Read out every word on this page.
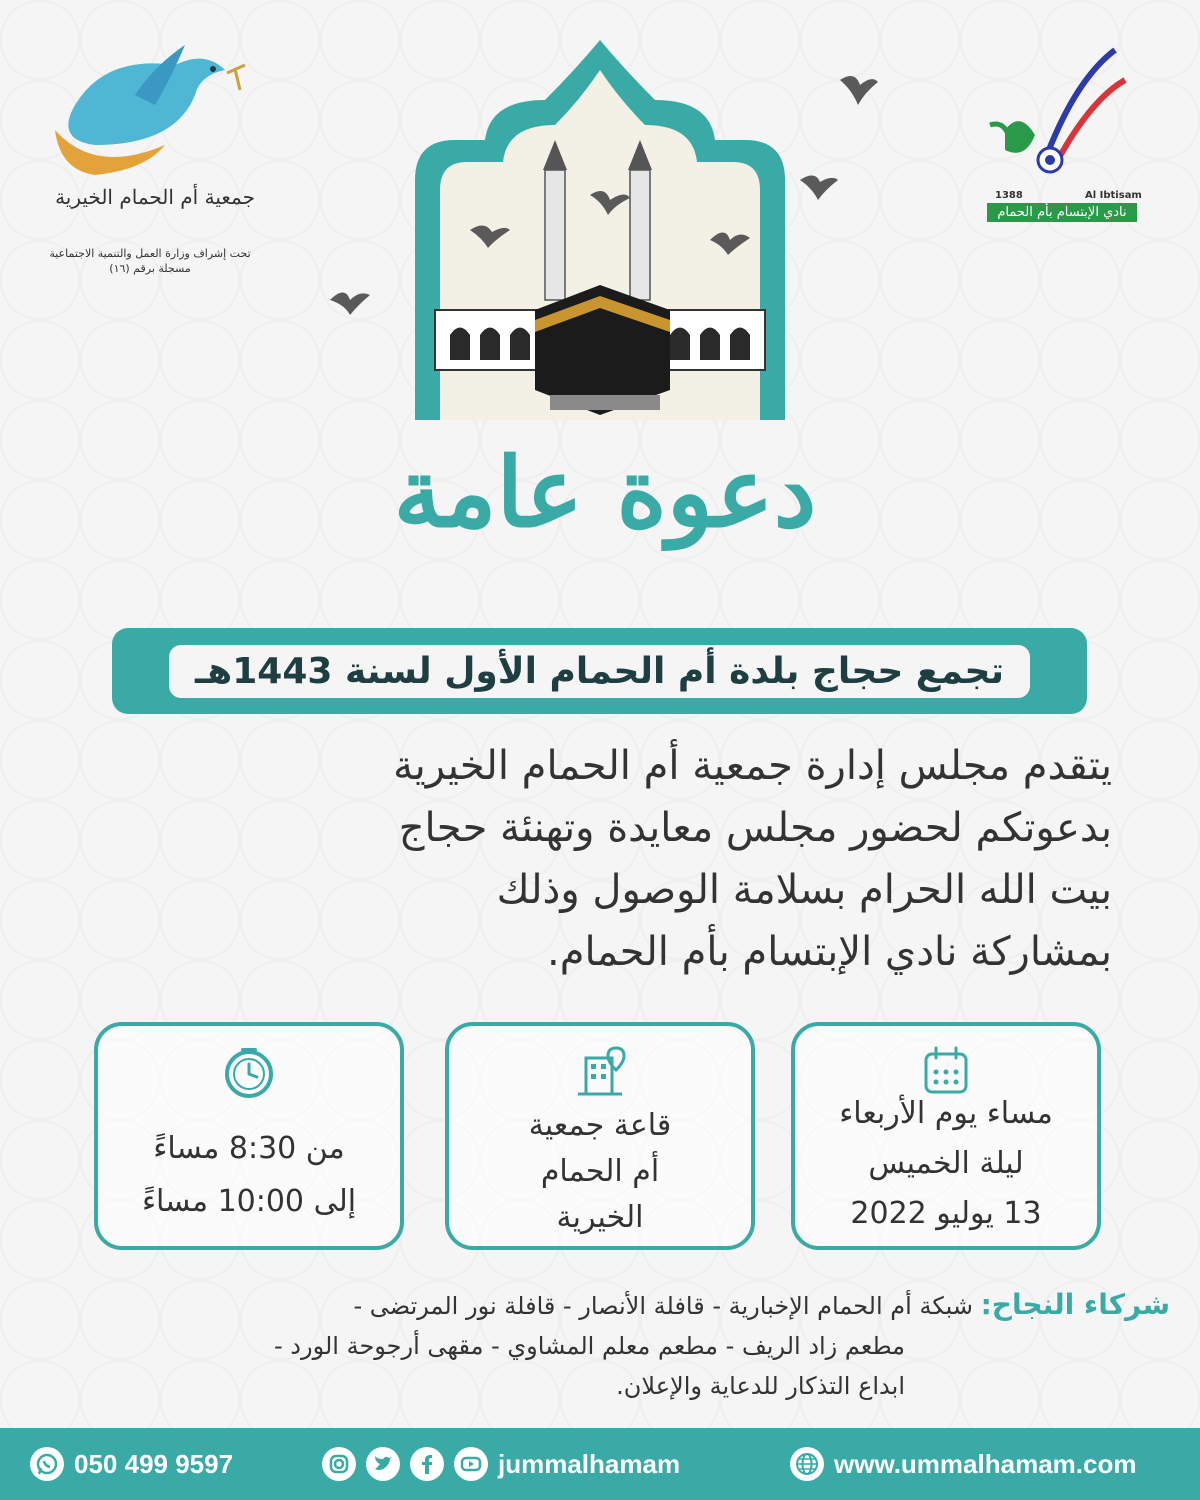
جمعية أم الحمام الخيرية
تحت إشراف وزارة العمل والتنمية الاجتماعية
مسجلة برقم (١٦)
1388	Al Ibtisam
نادي الإبتسام بأم الحمام
دعوة عامة
تجمع حجاج بلدة أم الحمام الأول لسنة 1443هـ
يتقدم مجلس إدارة جمعية أم الحمام الخيرية
بدعوتكم لحضور مجلس معايدة وتهنئة حجاج
بيت الله الحرام بسلامة الوصول وذلك
بمشاركة نادي الإبتسام بأم الحمام.
من 8:30 مساءً
إلى 10:00 مساءً
قاعة جمعية
أم الحمام
الخيرية
مساء يوم الأربعاء
ليلة الخميس
13 يوليو 2022
شركاء النجاح: شبكة أم الحمام الإخبارية - قافلة الأنصار - قافلة نور المرتضى -
مطعم زاد الريف - مطعم معلم المشاوي - مقهى أرجوحة الورد -
ابداع التذكار للدعاية والإعلان.
050 499 9597	jummalhamam	www.ummalhamam.com
